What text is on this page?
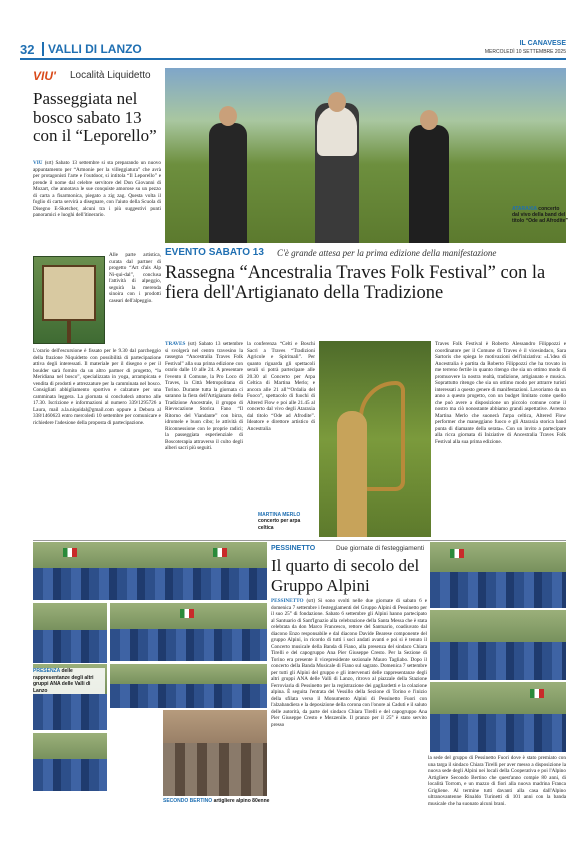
32 VALLI DI LANZO	IL CANAVESE
MERCOLEDÌ 10 SETTEMBRE 2025
VIU' Località Liquidetto
Passeggiata nel bosco sabato 13 con il “Leporello”
VIÙ (srt) Sabato 13 settembre si sta preparando un nuovo appuntamento per “Armonie per la villeggiatura” che avrà per protagonisti l'arte e l'outdoor, si intitola “Il Leporello” e prende il nome dal celebre servitore del Don Giovanni di Mozart, che annotava le sue conquiste amorose su un pezzo di carta a fisarmonica, piegato a zig zag. Questa volta il foglio di carta servirà a disegnare, con l'aiuto della Scuola di Disegno E-Sketcher, alcuni tra i più suggestivi punti panoramici e luoghi dell'itinerario.
Alle parte artistica, curata dal partner di progetto “Art d'als Alp Ni-qui-dal”, conclusa l'attività di alpeggio, seguirà la merenda sinoira con i prodotti caseari dell'alpeggio.
L'orario dell'escursione è fissato per le 9.30 dal parcheggio della frazione Niquidetto con possibilità di partecipazione attiva degli interessati. Il materiale per il disegno e per il boulder sarà fornito da un altro partner di progetto, “la Meridiana nel bosco”, specializzata in yoga, arrampicata e vendita di prodotti e attrezzature per la camminata nel bosco. Consigliati abbigliamento sportivo e calzature per una camminata leggera. La giornata si concluderà attorno alle 17.30. Iscrizione e informazioni al numero 339/1295726 a Laura, mail a.la.niquidal@gmail.com oppure a Debora al 338/1460623 entro mercoledì 10 settembre per comunicare e richiedere l'adesione della proposta di partecipazione.
ATARAXIA concerto dal vivo della band del titolo “Ode ad Afrodite”
EVENTO SABATO 13 C'è grande attesa per la prima edizione della manifestazione
Rassegna “Ancestralia Traves Folk Festival” con la fiera dell'Artigianato della Tradizione
TRAVES (srt) Sabato 13 settembre si svolgerà nel centro travesino la rassegna “Ancestralia Traves Folk Festival” alla sua prima edizione con orario dalle 10 alle 24. A presentare l'evento il Comune, la Pro Loco di Traves, la Città Metropolitana di Torino. Durante tutta la giornata ci saranno la fiera dell'Artigianato della Tradizione Ancestrale, il gruppo di Rievocazione Storica Fano “Il Ritorno del Viandante” con birra, idromele e buon cibo; le attività di Riconnessione con le proprie radici; la passeggiata esperienziale di Boscoterapia attraverso il culto degli alberi sacri più seguiti.
la conferenza “Celti e Boschi Sacri a Traves “Tradizioni Agricole e Spirituali”. Per quanto riguarda gli spettacoli serali si potrà partecipare alle 20.30 al Concerto per Arpa Celtica di Martina Merlo; e ancora alle 21 all’“Ordalia del Fuoco”, spettacolo di fuochi di Altered Flow e poi alle 21.45 al concerto dal vivo degli Ataraxia dal titolo “Ode ad Afrodite”. Ideatore e direttore artistico di Ancestralia
MARTINA MERLO concerto per arpa celtica
Traves Folk Festival è Roberto Alessandro Filippozzi e coordinatore per il Comune di Traves è il vicesindaco, Sara Sartoris che spiega le motivazioni dell'iniziativa: «L'idea di Ancestralia è partita da Roberto Filippozzi che ha trovato in me terreno fertile in quanto ritengo che sia un ottimo modo di promuovere la nostra realtà, tradizione, artigianato e musica. Soprattutto ritengo che sia un ottimo modo per attrarre turisti interessati a questo genere di manifestazioni. Lavoriamo da un anno a questo progetto, con un budget limitato come quello che può avere a disposizione un piccolo comune come il nostro ma ciò nonostante abbiamo grandi aspettative. Avremo Martina Merlo che suonerà l'arpa celtica, Altered Flow performer che maneggiano fuoco e gli Ataraxia storica band punta di diamante della serata». Con un invito a partecipare alla ricca giornata di Iniziative di Ancestralia Traves Folk Festival alla sua prima edizione.
PRESENZA delle rappresentanze degli altri gruppi ANA delle Valli di Lanzo
SECONDO BERTINO artigliere alpino 80enne
PESSINETTO	Due giornate di festeggiamenti
Il quarto di secolo del Gruppo Alpini
PESSINETTO (srt) Si sono svolti nelle due giornate di sabato 6 e domenica 7 settembre i festeggiamenti del Gruppo Alpini di Pessinetto per il suo 25° di fondazione. Sabato 6 settembre gli Alpini hanno partecipato al Santuario di Sant'Ignazio alla celebrazione della Santa Messa che è stata celebrata da don Marco Francesco, rettore del Santuario, coadiuvato dal diacono Enzo responsabile e dal diacono Davide Bearese componente del gruppo Alpini, in ricordo di tutti i soci andati avanti e poi si è tenuto il Concerto musicale della Banda di Fiano, alla presenza del sindaco Chiara Tirelli e del capogruppo Ana Pier Giuseppe Cresto. Per la Sezione di Torino era presente il vicepresidente sezionale Mauro Tagliabo. Dopo il concerto della Banda Musicale di Fiano sul sagrato. Domenica 7 settembre per tutti gli Alpini del gruppo e gli intervenuti delle rappresentanze degli altri gruppi ANA delle Valli di Lanzo, ritrovo al piazzale della Stazione Ferroviaria di Pessinetto per la registrazione dei gagliardetti e la colazione alpina. È seguita l'entrata del Vessillo della Sezione di Torino e l'inizio della sfilata verso il Monumento Alpini di Pessinetto Fuori con l'alzabandiera e la deposizione della corona con l'onore ai Caduti e il saluto delle autorità, da parte del sindaco Chiara Tirelli e del capogruppo Ana Pier Giuseppe Cresto e Mezzenile. Il pranzo per il 25° è stato servito presso
la sede del gruppo di Pessinetto Fuori dove è stato premiato con una targa il sindaco Chiara Tirelli per aver messo a disposizione la nuova sede degli Alpini nei locali della Cooperativa e poi l'Alpino Artigliere Secondo Bertino che quest'anno compie 80 anni, di località Torrom, e un mazzo di fiori alla nuova madrina Franca Grigliene. Al termine tutti davanti alla casa dall'Alpino ultranovantenne Rinaldo Turinetti di 101 anni con la banda musicale che ha suonato alcuni brani.
